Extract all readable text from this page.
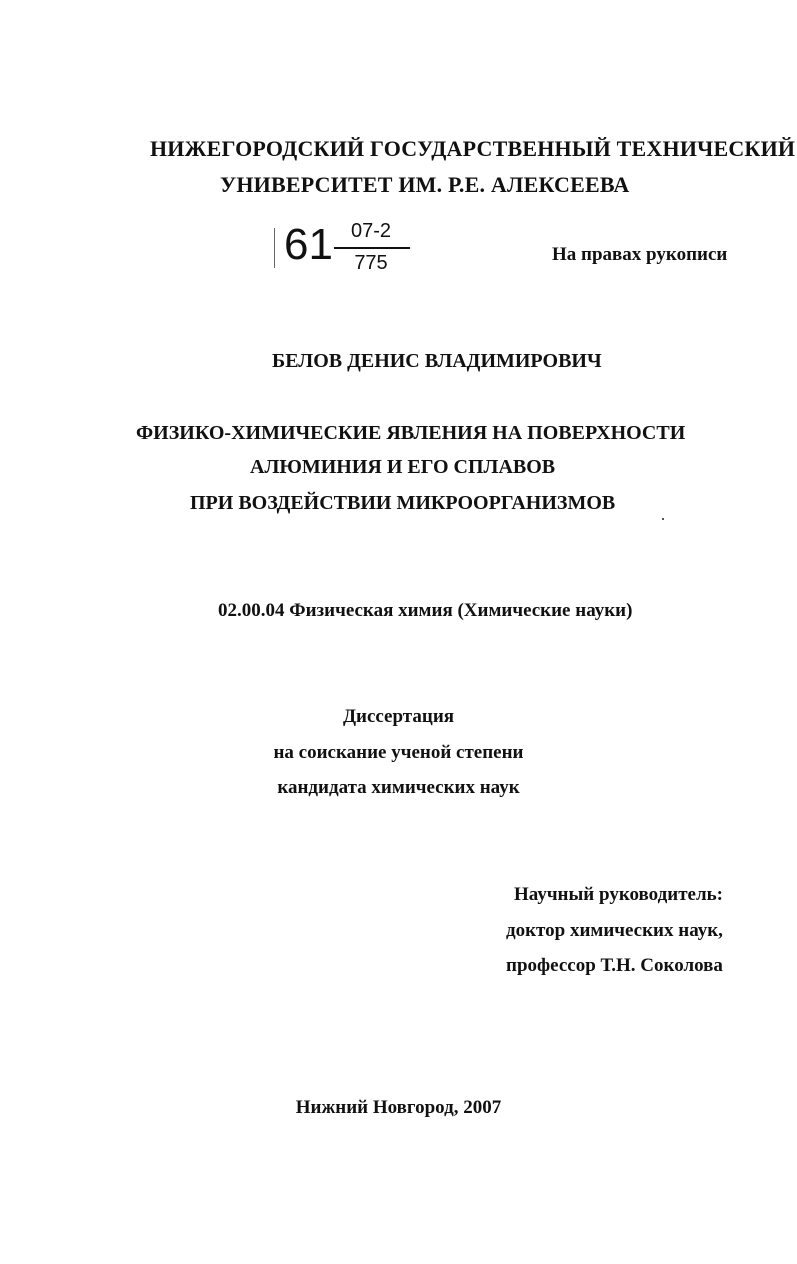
НИЖЕГОРОДСКИЙ ГОСУДАРСТВЕННЫЙ ТЕХНИЧЕСКИЙ
УНИВЕРСИТЕТ ИМ. Р.Е. АЛЕКСЕЕВА
61 07-2
775	На правах рукописи
БЕЛОВ ДЕНИС ВЛАДИМИРОВИЧ
ФИЗИКО-ХИМИЧЕСКИЕ ЯВЛЕНИЯ НА ПОВЕРХНОСТИ
АЛЮМИНИЯ И ЕГО СПЛАВОВ
ПРИ ВОЗДЕЙСТВИИ МИКРООРГАНИЗМОВ
02.00.04 Физическая химия (Химические науки)
Диссертация
на соискание ученой степени
кандидата химических наук
Научный руководитель:
доктор химических наук,
профессор Т.Н. Соколова
Нижний Новгород, 2007
